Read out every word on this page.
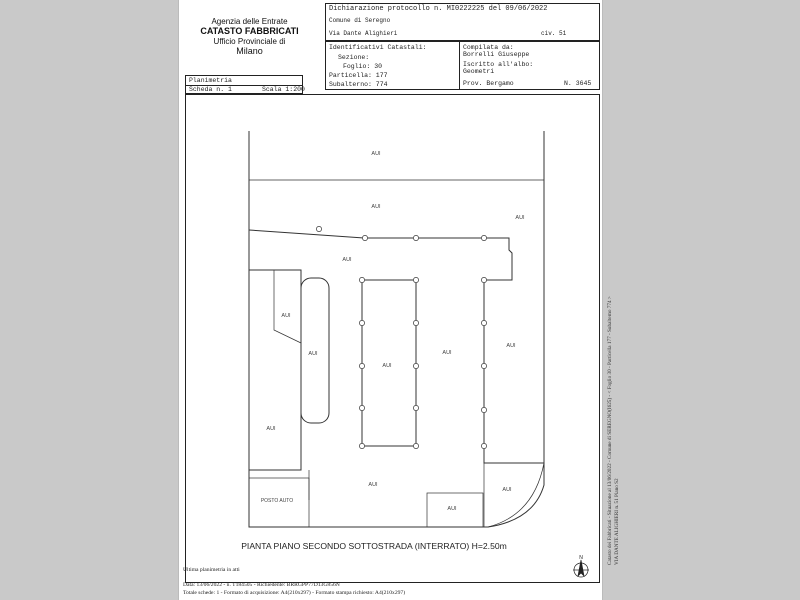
Agenzia delle Entrate
CATASTO FABBRICATI
Ufficio Provinciale di
Milano
Dichiarazione protocollo n. MI0222225 del 09/06/2022
Comune di Seregno
Via Dante Alighieri	civ. 51
Identificativi Catastali:
Sezione:
Foglio: 30
Particella: 177
Subalterno: 774
Compilata da:
Borrelli Giuseppe
Iscritto all'albo:
Geometri
Prov. Bergamo	N. 3645
Planimetria
Scheda n. 1	Scala 1:200
AUI
AUI
AUI
AUI
AUI
AUI
AUI
AUI
AUI
AUI
AUI
AUI
AUI
POSTO AUTO
PIANTA PIANO SECONDO SOTTOSTRADA (INTERRATO) H=2.50m
N
Ultima planimetria in atti
Data: 13/06/2022 - n. T184505 - Richiedente: BRRGPP77D13G856N
Totale schede: 1 - Formato di acquisizione: A4(210x297) - Formato stampa richiesto: A4(210x297)
Catasto dei Fabbricati - Situazione al 13/06/2022 - Comune di SEREGNO(I625) - < Foglio 30 - Particella 177 - Subalterno 774 > VIA DANTE ALIGHIERI n. 51 Piano S2
